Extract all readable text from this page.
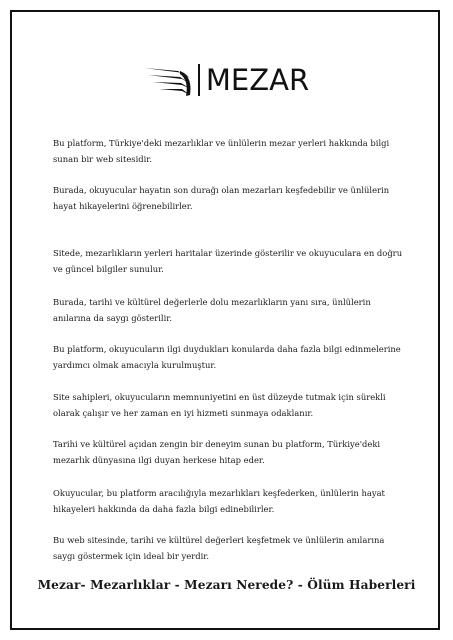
MEZAR

Bu platform, Türkiye'deki mezarlıklar ve ünlülerin mezar yerleri hakkında bilgi sunan bir web sitesidir.

Burada, okuyucular hayatın son durağı olan mezarları keşfedebilir ve ünlülerin hayat hikayelerini öğrenebilirler.

Sitede, mezarlıkların yerleri haritalar üzerinde gösterilir ve okuyuculara en doğru ve güncel bilgiler sunulur.

Burada, tarihi ve kültürel değerlerle dolu mezarlıkların yanı sıra, ünlülerin anılarına da saygı gösterilir.

Bu platform, okuyucuların ilgi duydukları konularda daha fazla bilgi edinmelerine yardımcı olmak amacıyla kurulmuştur.

Site sahipleri, okuyucuların memnuniyetini en üst düzeyde tutmak için sürekli olarak çalışır ve her zaman en iyi hizmeti sunmaya odaklanır.

Tarihi ve kültürel açıdan zengin bir deneyim sunan bu platform, Türkiye'deki mezarlık dünyasına ilgi duyan herkese hitap eder.

Okuyucular, bu platform aracılığıyla mezarlıkları keşfederken, ünlülerin hayat hikayeleri hakkında da daha fazla bilgi edinebilirler.

Bu web sitesinde, tarihi ve kültürel değerleri keşfetmek ve ünlülerin anılarına saygı göstermek için ideal bir yerdir.

Mezar- Mezarlıklar - Mezarı Nerede? - Ölüm Haberleri
